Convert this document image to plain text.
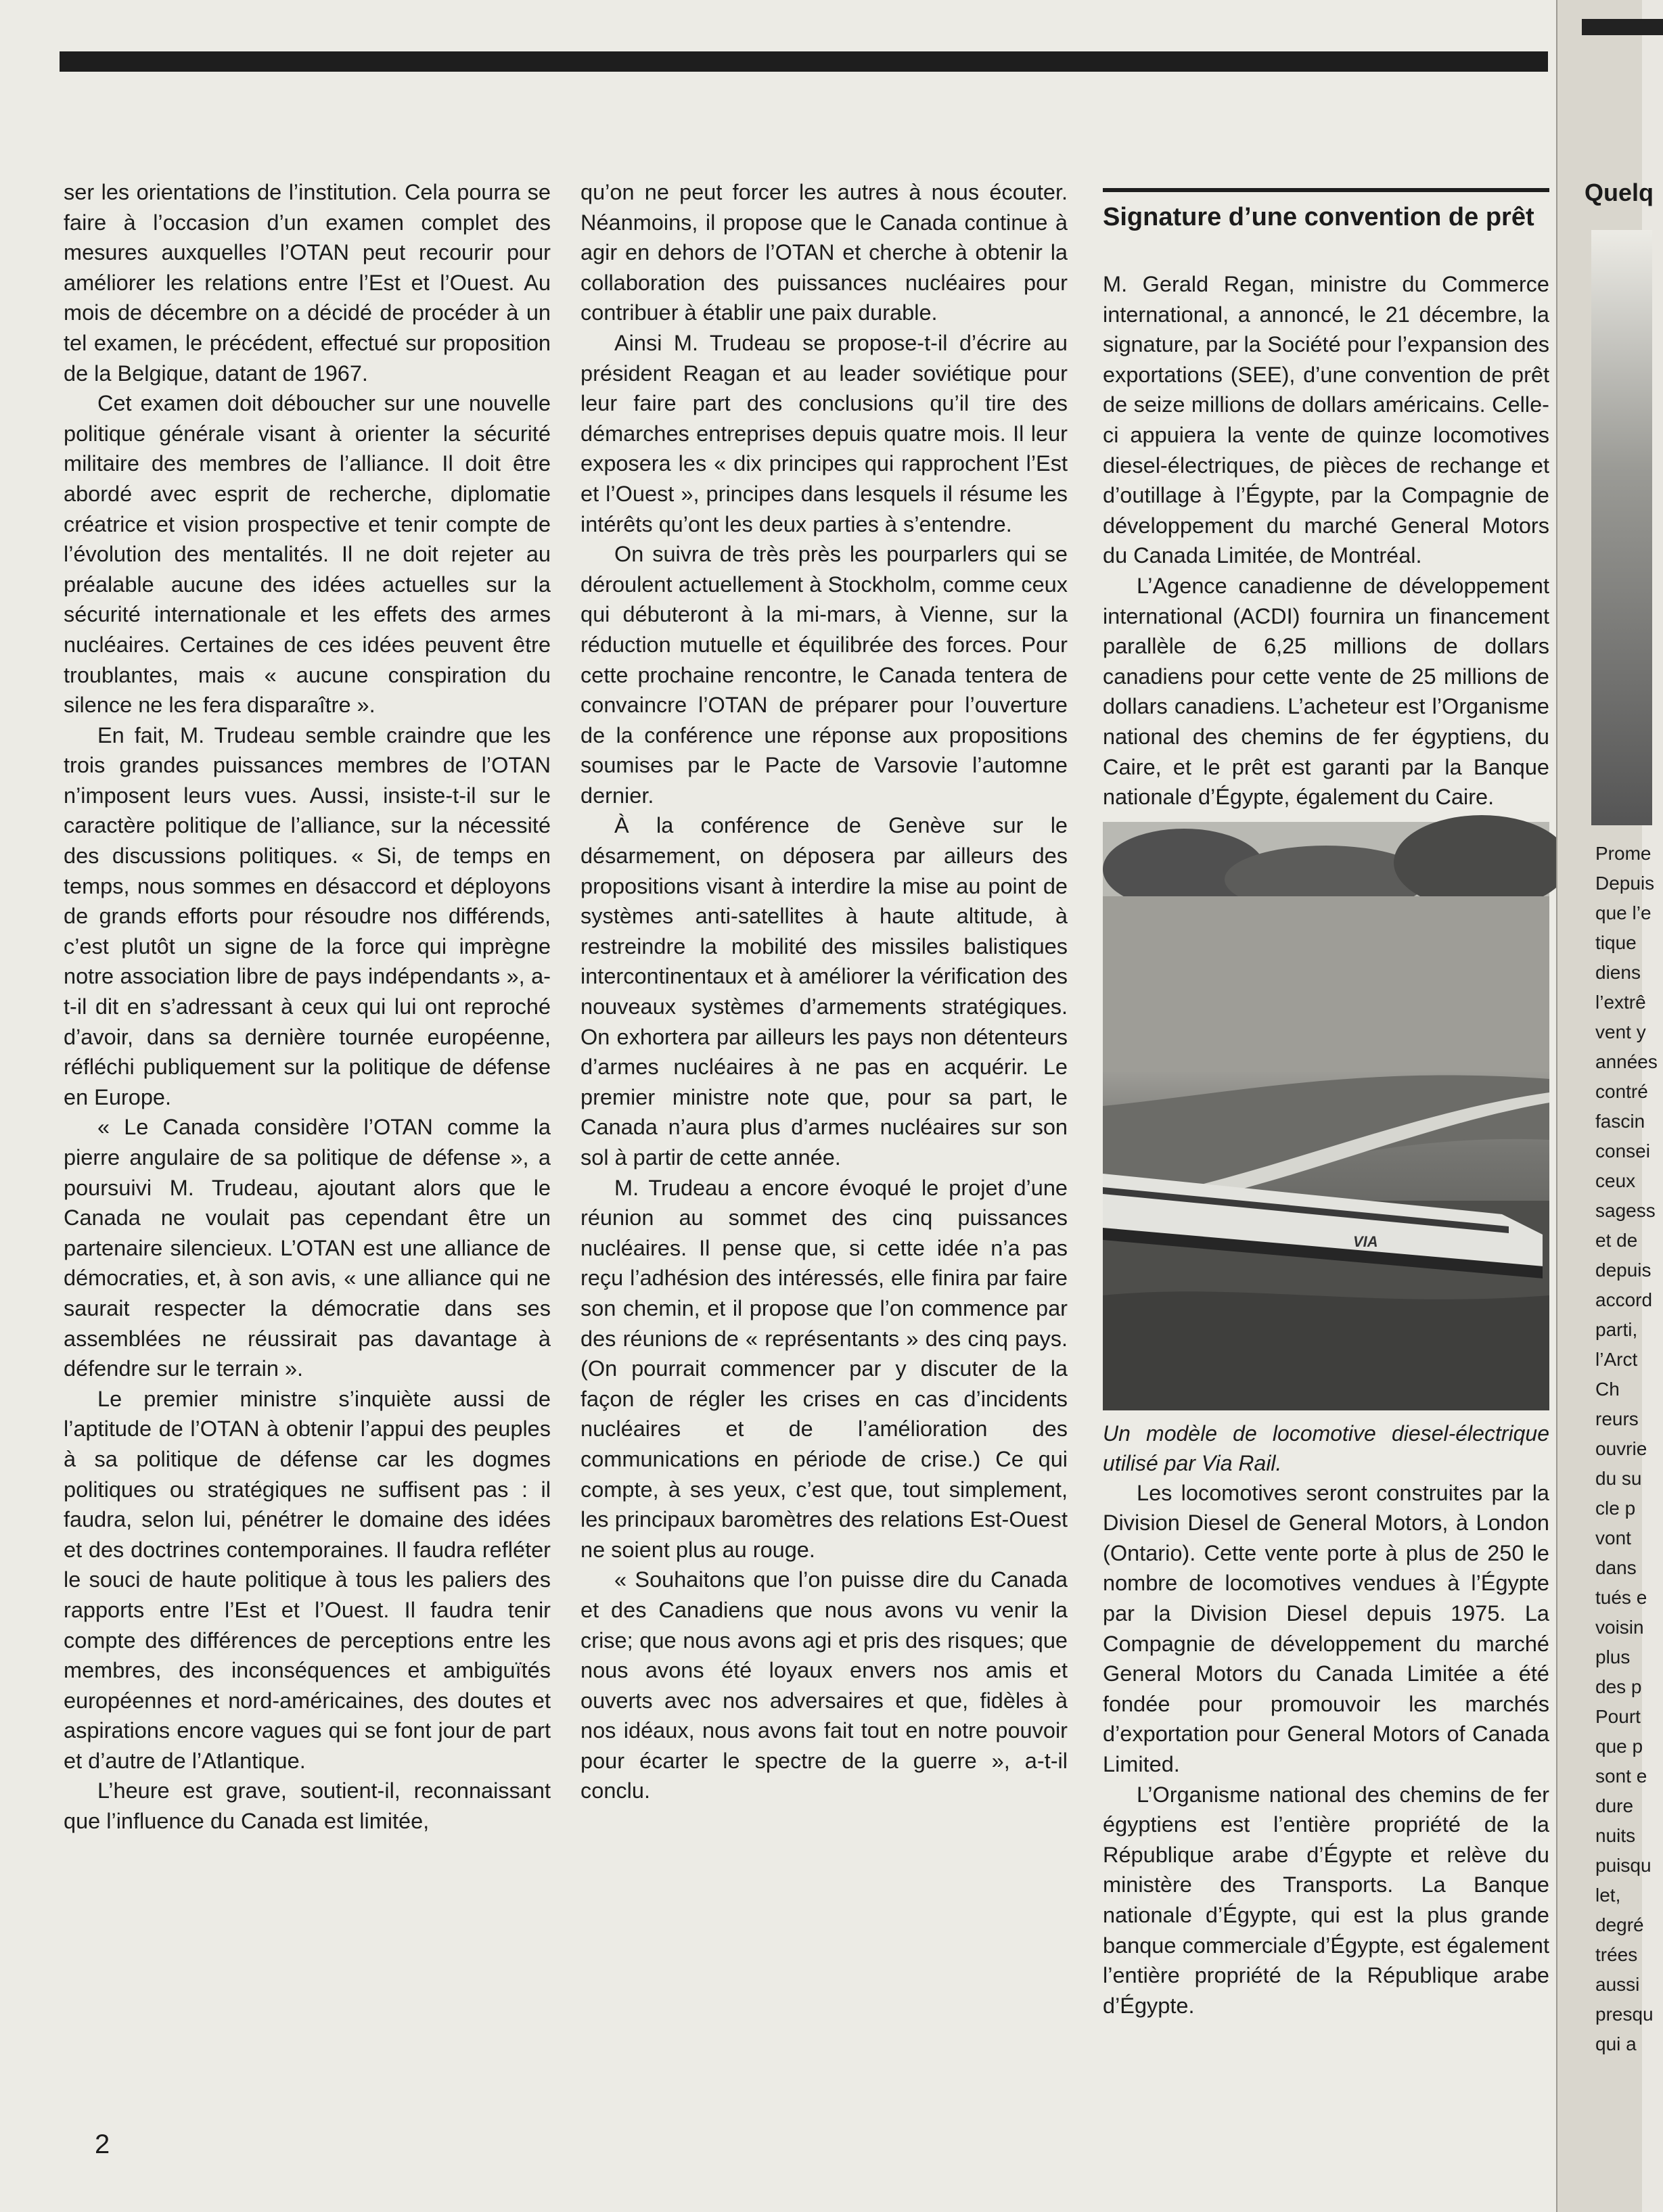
ser les orientations de l’institution. Cela pourra se faire à l’occasion d’un examen complet des mesures auxquelles l’OTAN peut recourir pour améliorer les relations entre l’Est et l’Ouest. Au mois de décembre on a décidé de procéder à un tel examen, le précédent, effectué sur proposition de la Belgique, datant de 1967.

Cet examen doit déboucher sur une nouvelle politique générale visant à orienter la sécurité militaire des membres de l’alliance. Il doit être abordé avec esprit de recherche, diplomatie créatrice et vision prospective et tenir compte de l’évolution des mentalités. Il ne doit rejeter au préalable aucune des idées actuelles sur la sécurité internationale et les effets des armes nucléaires. Certaines de ces idées peuvent être troublantes, mais « aucune conspiration du silence ne les fera disparaître ».

En fait, M. Trudeau semble craindre que les trois grandes puissances membres de l’OTAN n’imposent leurs vues. Aussi, insiste-t-il sur le caractère politique de l’alliance, sur la nécessité des discussions politiques. « Si, de temps en temps, nous sommes en désaccord et déployons de grands efforts pour résoudre nos différends, c’est plutôt un signe de la force qui imprègne notre association libre de pays indépendants », a-t-il dit en s’adressant à ceux qui lui ont reproché d’avoir, dans sa dernière tournée européenne, réfléchi publiquement sur la politique de défense en Europe.

« Le Canada considère l’OTAN comme la pierre angulaire de sa politique de défense », a poursuivi M. Trudeau, ajoutant alors que le Canada ne voulait pas cependant être un partenaire silencieux. L’OTAN est une alliance de démocraties, et, à son avis, « une alliance qui ne saurait respecter la démocratie dans ses assemblées ne réussirait pas davantage à défendre sur le terrain ».

Le premier ministre s’inquiète aussi de l’aptitude de l’OTAN à obtenir l’appui des peuples à sa politique de défense car les dogmes politiques ou stratégiques ne suffisent pas : il faudra, selon lui, pénétrer le domaine des idées et des doctrines contemporaines. Il faudra refléter le souci de haute politique à tous les paliers des rapports entre l’Est et l’Ouest. Il faudra tenir compte des différences de perceptions entre les membres, des inconséquences et ambiguïtés européennes et nord-américaines, des doutes et aspirations encore vagues qui se font jour de part et d’autre de l’Atlantique.

L’heure est grave, soutient-il, reconnaissant que l’influence du Canada est limitée,

qu’on ne peut forcer les autres à nous écouter. Néanmoins, il propose que le Canada continue à agir en dehors de l’OTAN et cherche à obtenir la collaboration des puissances nucléaires pour contribuer à établir une paix durable.

Ainsi M. Trudeau se propose-t-il d’écrire au président Reagan et au leader soviétique pour leur faire part des conclusions qu’il tire des démarches entreprises depuis quatre mois. Il leur exposera les « dix principes qui rapprochent l’Est et l’Ouest », principes dans lesquels il résume les intérêts qu’ont les deux parties à s’entendre.

On suivra de très près les pourparlers qui se déroulent actuellement à Stockholm, comme ceux qui débuteront à la mi-mars, à Vienne, sur la réduction mutuelle et équilibrée des forces. Pour cette prochaine rencontre, le Canada tentera de convaincre l’OTAN de préparer pour l’ouverture de la conférence une réponse aux propositions soumises par le Pacte de Varsovie l’automne dernier.

À la conférence de Genève sur le désarmement, on déposera par ailleurs des propositions visant à interdire la mise au point de systèmes anti-satellites à haute altitude, à restreindre la mobilité des missiles balistiques intercontinentaux et à améliorer la vérification des nouveaux systèmes d’armements stratégiques. On exhortera par ailleurs les pays non détenteurs d’armes nucléaires à ne pas en acquérir. Le premier ministre note que, pour sa part, le Canada n’aura plus d’armes nucléaires sur son sol à partir de cette année.

M. Trudeau a encore évoqué le projet d’une réunion au sommet des cinq puissances nucléaires. Il pense que, si cette idée n’a pas reçu l’adhésion des intéressés, elle finira par faire son chemin, et il propose que l’on commence par des réunions de « représentants » des cinq pays. (On pourrait commencer par y discuter de la façon de régler les crises en cas d’incidents nucléaires et de l’amélioration des communications en période de crise.) Ce qui compte, à ses yeux, c’est que, tout simplement, les principaux baromètres des relations Est-Ouest ne soient plus au rouge.

« Souhaitons que l’on puisse dire du Canada et des Canadiens que nous avons vu venir la crise; que nous avons agi et pris des risques; que nous avons été loyaux envers nos amis et ouverts avec nos adversaires et que, fidèles à nos idéaux, nous avons fait tout en notre pouvoir pour écarter le spectre de la guerre », a-t-il conclu.

Signature d’une convention de prêt

M. Gerald Regan, ministre du Commerce international, a annoncé, le 21 décembre, la signature, par la Société pour l’expansion des exportations (SEE), d’une convention de prêt de seize millions de dollars américains. Celle-ci appuiera la vente de quinze locomotives diesel-électriques, de pièces de rechange et d’outillage à l’Égypte, par la Compagnie de développement du marché General Motors du Canada Limitée, de Montréal.

L’Agence canadienne de développement international (ACDI) fournira un financement parallèle de 6,25 millions de dollars canadiens pour cette vente de 25 millions de dollars canadiens. L’acheteur est l’Organisme national des chemins de fer égyptiens, du Caire, et le prêt est garanti par la Banque nationale d’Égypte, également du Caire.

VIA

Un modèle de locomotive diesel-électrique utilisé par Via Rail.

Les locomotives seront construites par la Division Diesel de General Motors, à London (Ontario). Cette vente porte à plus de 250 le nombre de locomotives vendues à l’Égypte par la Division Diesel depuis 1975. La Compagnie de développement du marché General Motors du Canada Limitée a été fondée pour promouvoir les marchés d’exportation pour General Motors of Canada Limited.

L’Organisme national des chemins de fer égyptiens est l’entière propriété de la République arabe d’Égypte et relève du ministère des Transports. La Banque nationale d’Égypte, qui est la plus grande banque commerciale d’Égypte, est également l’entière propriété de la République arabe d’Égypte.

2
Quelq
Prome
Depuis
que l’e
tique
diens
l’extrê
vent y
années
contré
fascin
consei
ceux
sagess
et de
depuis
accord
parti,
l’Arct
Ch
reurs
ouvrie
du su
cle p
vont
dans
tués e
voisin
plus
des p
Pourt
que p
sont e
dure
nuits
puisqu
let,
degré
trées
aussi
presqu
qui a
